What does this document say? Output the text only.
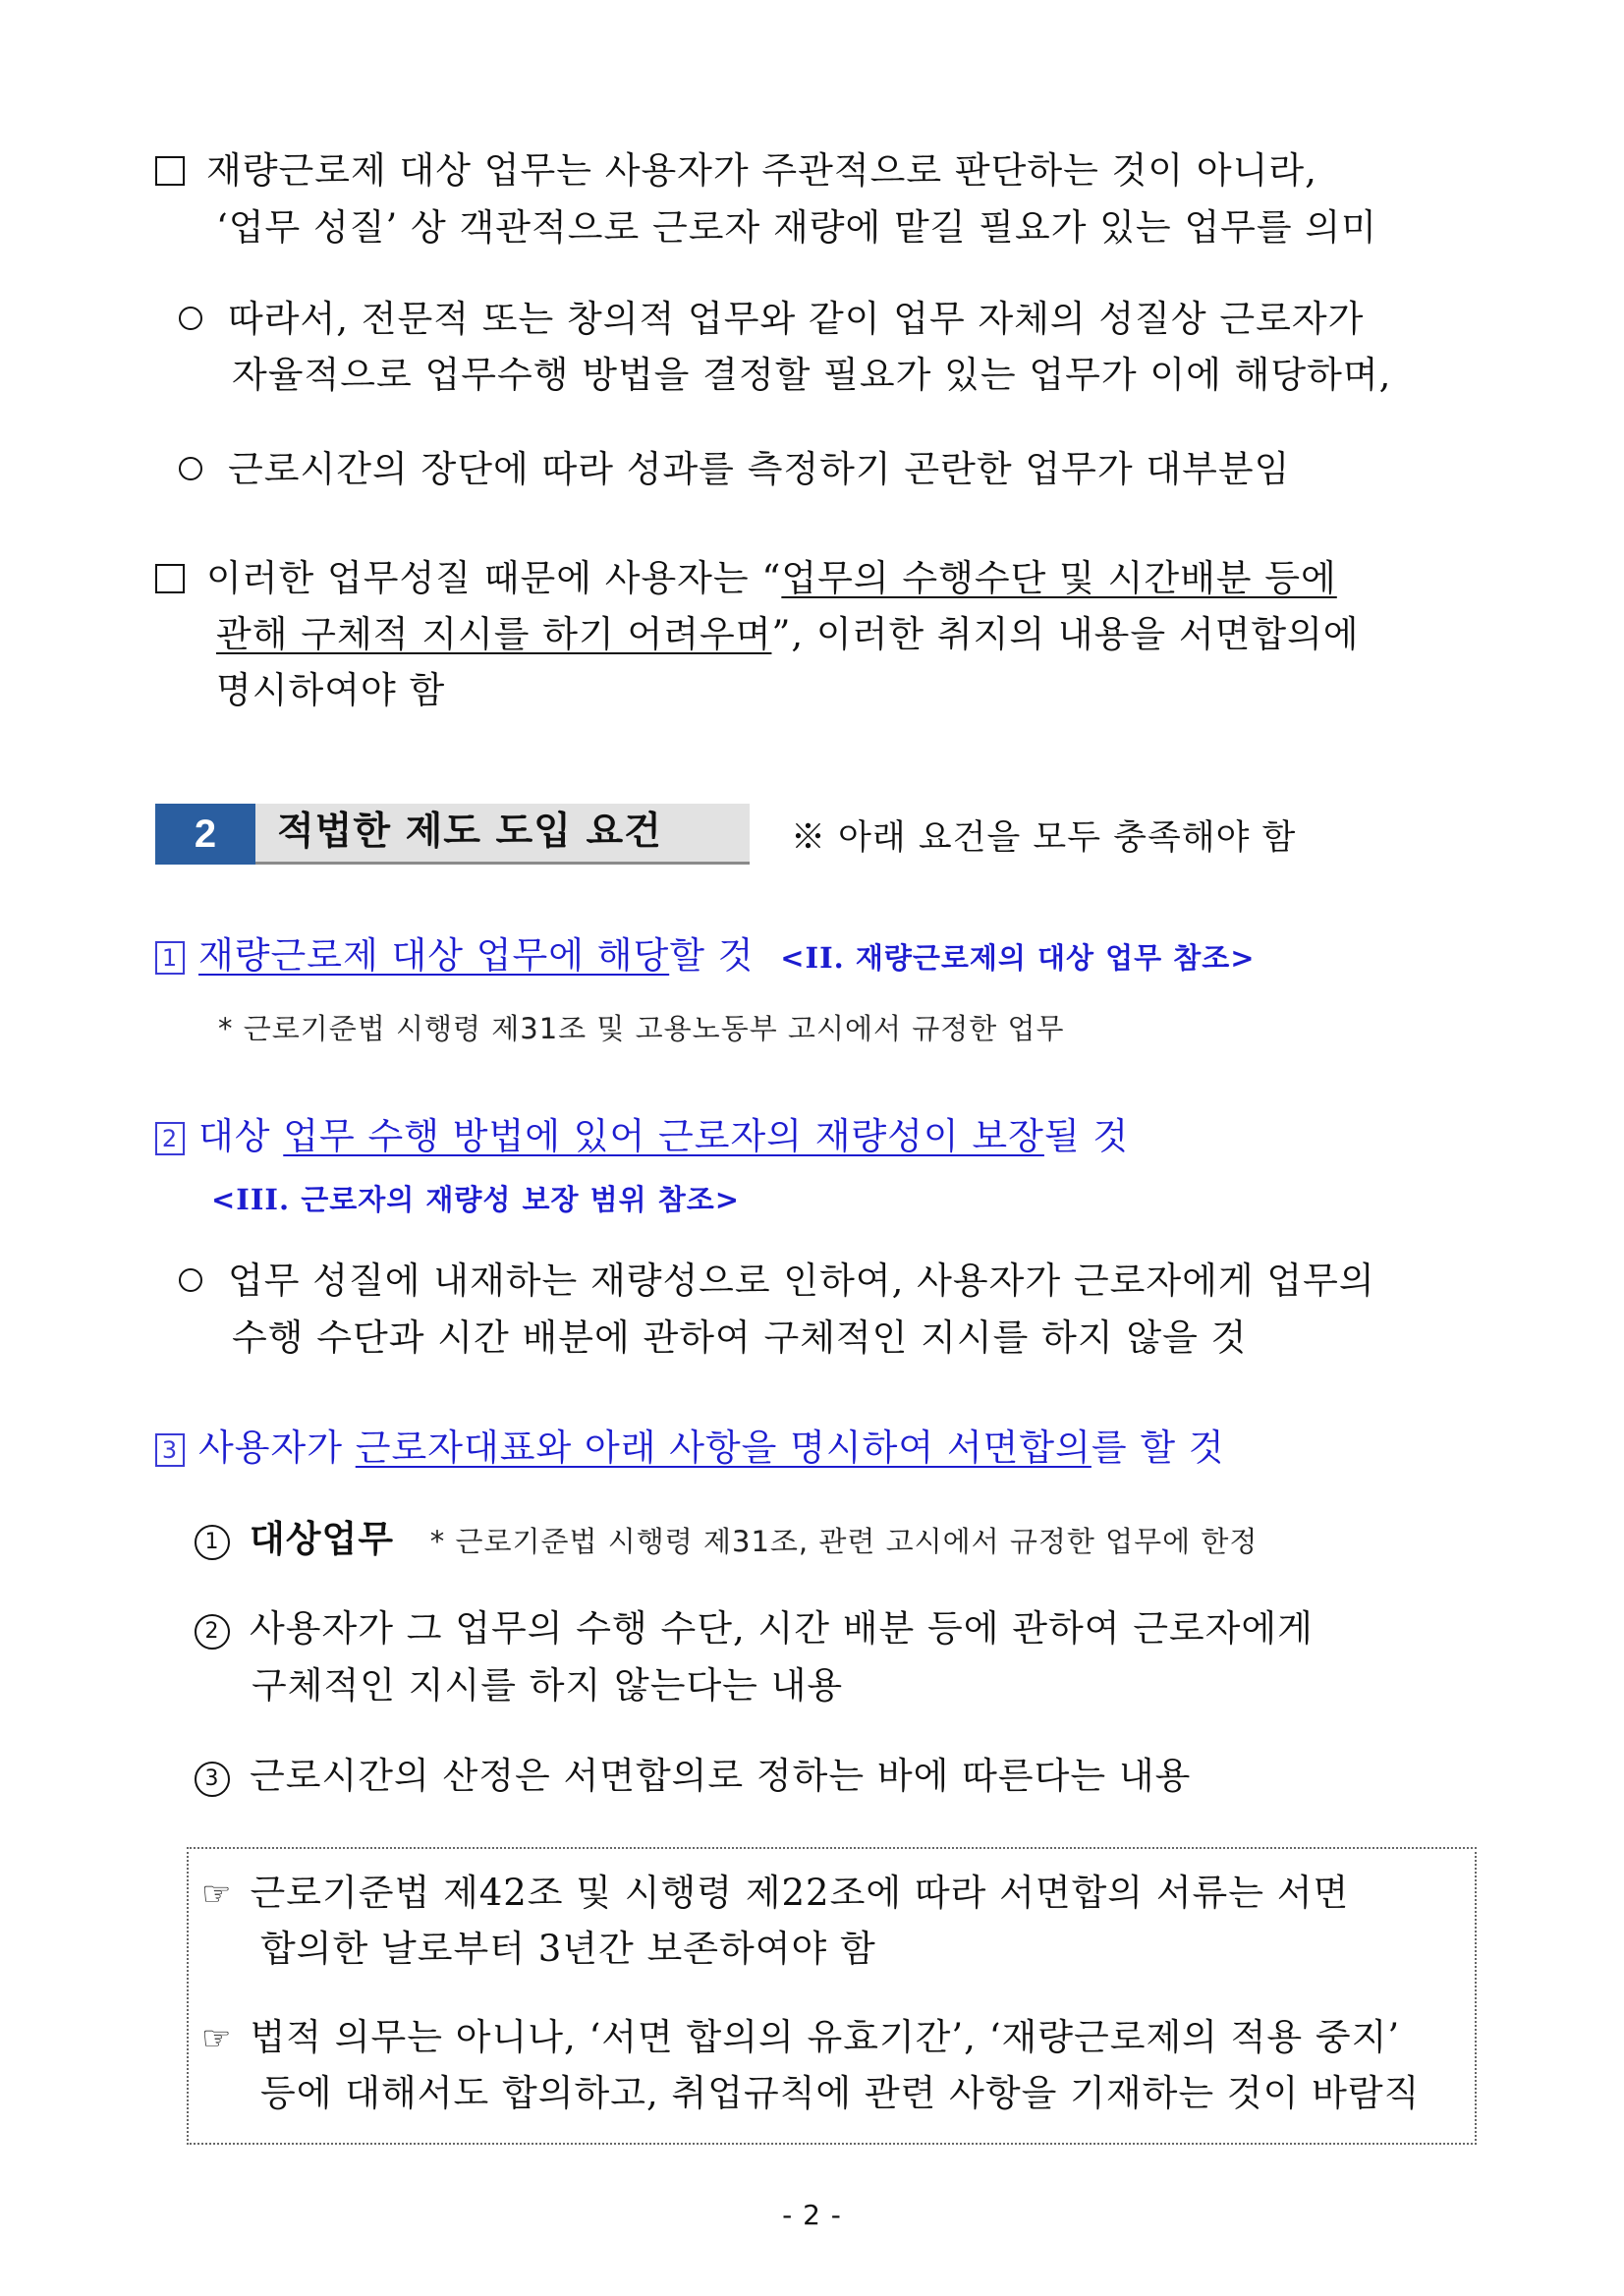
재량근로제 대상 업무는 사용자가 주관적으로 판단하는 것이 아니라,
‘업무 성질’ 상 객관적으로 근로자 재량에 맡길 필요가 있는 업무를 의미
따라서, 전문적 또는 창의적 업무와 같이 업무 자체의 성질상 근로자가
자율적으로 업무수행 방법을 결정할 필요가 있는 업무가 이에 해당하며,
근로시간의 장단에 따라 성과를 측정하기 곤란한 업무가 대부분임
이러한 업무성질 때문에 사용자는 “업무의 수행수단 및 시간배분 등에
관해 구체적 지시를 하기 어려우며”, 이러한 취지의 내용을 서면합의에
명시하여야 함
2	적법한 제도 도입 요건	※ 아래 요건을 모두 충족해야 함
1 재량근로제 대상 업무에 해당할 것 <II. 재량근로제의 대상 업무 참조>
* 근로기준법 시행령 제31조 및 고용노동부 고시에서 규정한 업무
2 대상 업무 수행 방법에 있어 근로자의 재량성이 보장될 것
<III. 근로자의 재량성 보장 범위 참조>
업무 성질에 내재하는 재량성으로 인하여, 사용자가 근로자에게 업무의
수행 수단과 시간 배분에 관하여 구체적인 지시를 하지 않을 것
3 사용자가 근로자대표와 아래 사항을 명시하여 서면합의를 할 것
1 대상업무 * 근로기준법 시행령 제31조, 관련 고시에서 규정한 업무에 한정
2 사용자가 그 업무의 수행 수단, 시간 배분 등에 관하여 근로자에게
구체적인 지시를 하지 않는다는 내용
3 근로시간의 산정은 서면합의로 정하는 바에 따른다는 내용
☞ 근로기준법 제42조 및 시행령 제22조에 따라 서면합의 서류는 서면
합의한 날로부터 3년간 보존하여야 함
☞ 법적 의무는 아니나, ‘서면 합의의 유효기간’, ‘재량근로제의 적용 중지’
등에 대해서도 합의하고, 취업규칙에 관련 사항을 기재하는 것이 바람직
- 2 -
